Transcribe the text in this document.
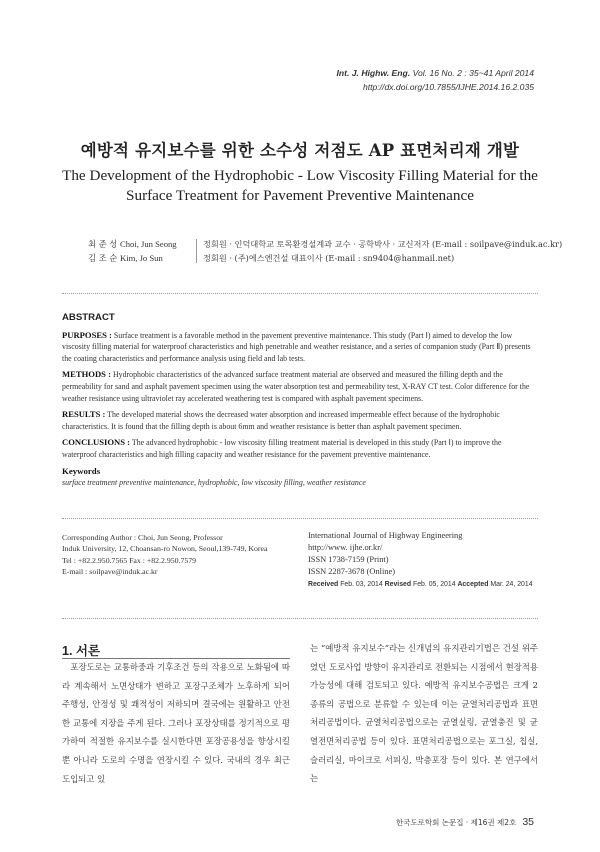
Int. J. Highw. Eng. Vol. 16 No. 2 : 35~41 April 2014
http://dx.doi.org/10.7855/IJHE.2014.16.2.035
예방적 유지보수를 위한 소수성 저점도 AP 표면처리재 개발
The Development of the Hydrophobic - Low Viscosity Filling Material for the Surface Treatment for Pavement Preventive Maintenance
최 준 성 Choi, Jun Seong	정회원 · 인덕대학교 토목환경설계과 교수 · 공학박사 · 교신저자 (E-mail : soilpave@induk.ac.kr)
김 조 순 Kim, Jo Sun	정회원 · (주)에스엔건설 대표이사 (E-mail : sn9404@hanmail.net)
ABSTRACT

PURPOSES : Surface treatment is a favorable method in the pavement preventive maintenance. This study (Part Ⅰ) aimed to develop the low viscosity filling material for waterproof characteristics and high penetrable and weather resistance, and a series of companion study (Part Ⅱ) presents the coating characteristics and performance analysis using field and lab tests.

METHODS : Hydrophobic characteristics of the advanced surface treatment material are observed and measured the filling depth and the permeability for sand and asphalt pavement specimen using the water absorption test and permeability test, X-RAY CT test. Color difference for the weather resistance using ultraviolet ray accelerated weathering test is compared with asphalt pavement specimens.

RESULTS : The developed material shows the decreased water absorption and increased impermeable effect because of the hydrophobic characteristics. It is found that the filling depth is about 6mm and weather resistance is better than asphalt pavement specimen.

CONCLUSIONS : The advanced hydrophobic - low viscosity filling treatment material is developed in this study (Part Ⅰ) to improve the waterproof characteristics and high filling capacity and weather resistance for the pavement preventive maintenance.

Keywords
surface treatment preventive maintenance, hydrophobic, low viscosity filling, weather resistance
Corresponding Author : Choi, Jun Seong, Professor
Induk University, 12, Choansan-ro Nowon, Seoul,139-749, Korea
Tel : +82.2.950.7565 Fax : +82.2.950.7579
E-mail : soilpave@induk.ac.kr
International Journal of Highway Engineering
http://www. ijhe.or.kr/
ISSN 1738-7159 (Print)
ISSN 2287-3678 (Online)
Received Feb. 03, 2014 Revised Feb. 05, 2014 Accepted Mar. 24, 2014
1. 서론

포장도로는 교통하중과 기후조건 등의 작용으로 노화됨에 따라 계속해서 노면상태가 변하고 포장구조체가 노후하게 되어 주행성, 안정성 및 쾌적성이 저하되며 결국에는 원활하고 안전한 교통에 지장을 주게 된다. 그러나 포장상태를 정기적으로 평가하여 적절한 유지보수를 실시한다면 포장공용성을 향상시킬뿐 아니라 도로의 수명을 연장시킬 수 있다. 국내의 경우 최근 도입되고 있

는 “예방적 유지보수”라는 신개념의 유지관리기법은 건설 위주였던 도로사업 방향이 유지관리로 전환되는 시점에서 현장적용 가능성에 대해 검토되고 있다. 예방적 유지보수공법은 크게 2종류의 공법으로 분류할 수 있는데 이는 균열처리공법과 표면처리공법이다. 균열처리공법으로는 균열실링, 균열충진 및 균열전면처리공법 등이 있다. 표면처리공법으로는 포그실, 칩실, 슬러리실, 마이크로 서피싱, 박층포장 등이 있다. 본 연구에서는

한국도로학회 논문집 · 제16권 제2호 35
